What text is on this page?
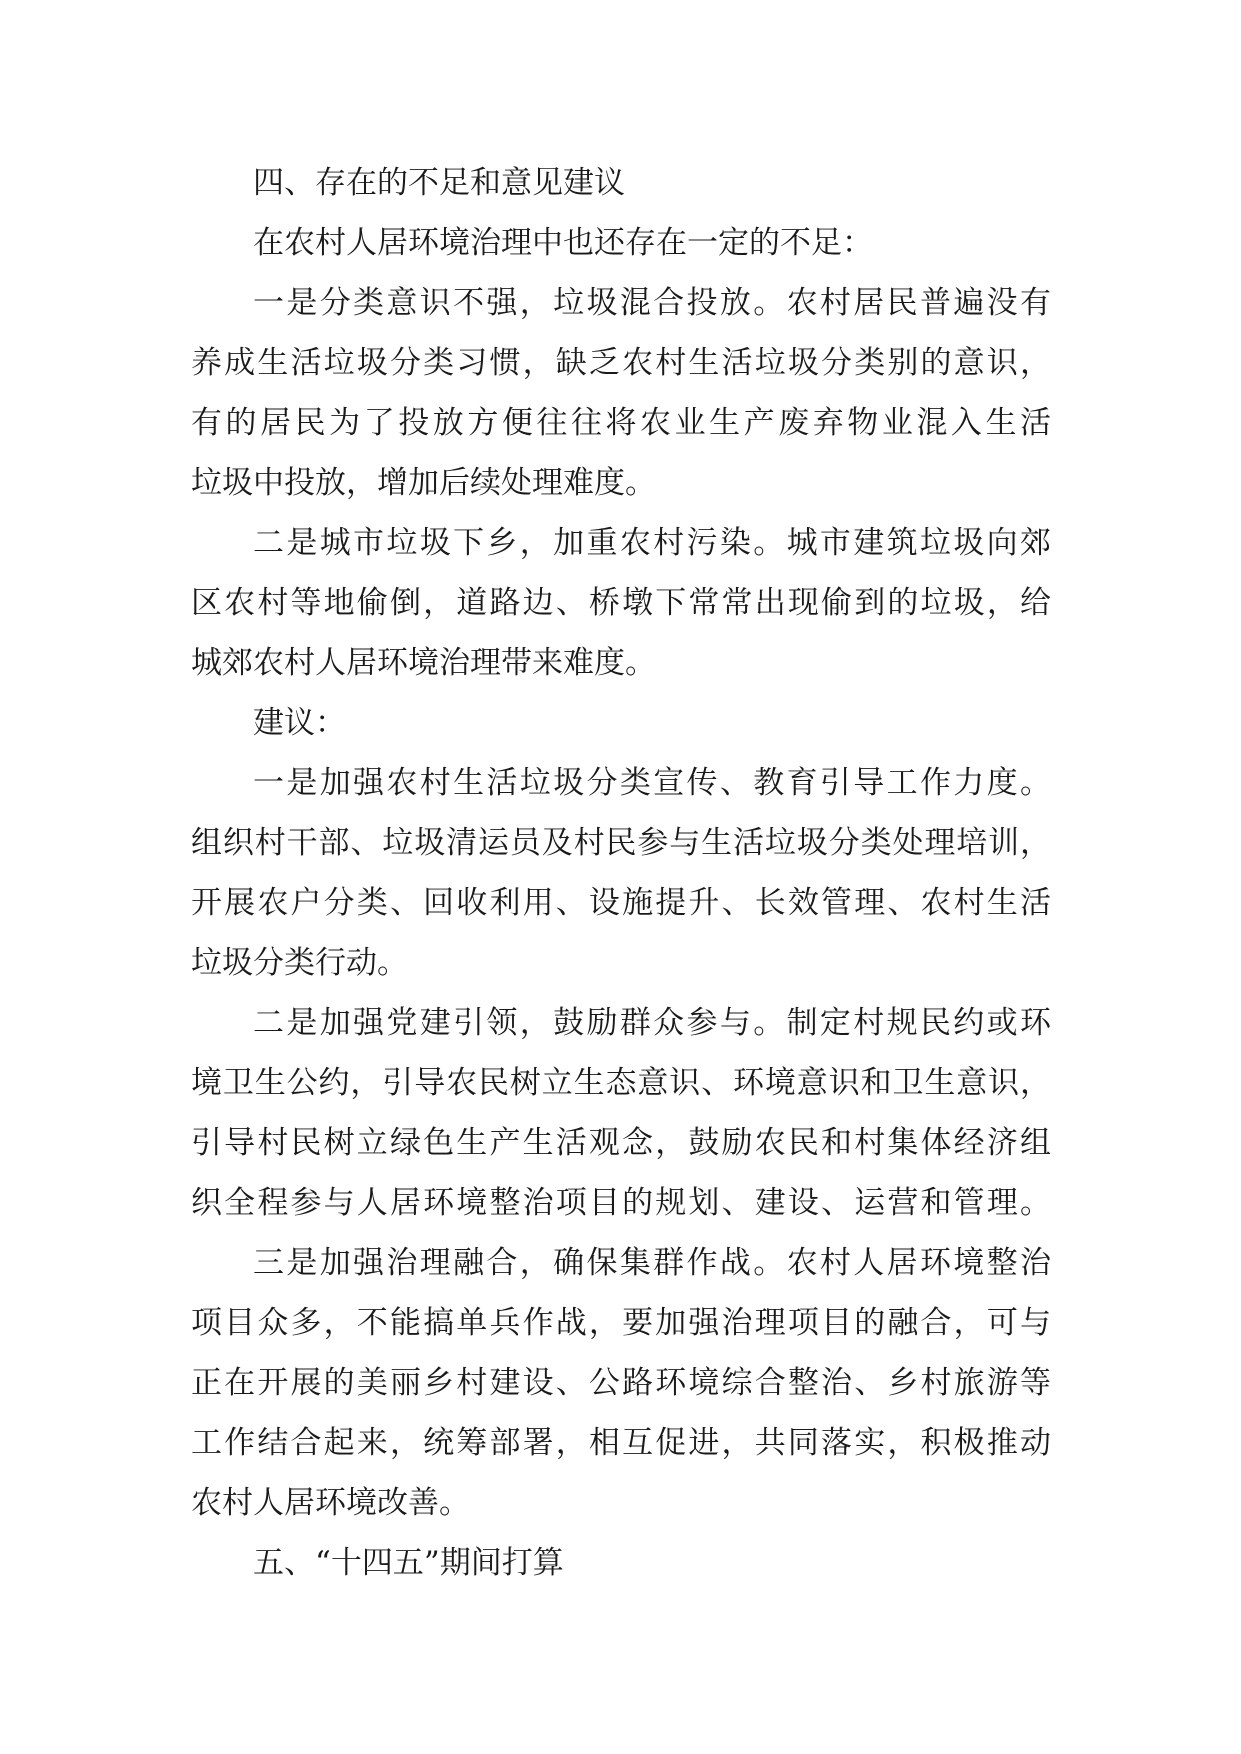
四、存在的不足和意见建议
在农村人居环境治理中也还存在一定的不足：
一是分类意识不强，垃圾混合投放。农村居民普遍没有
养成生活垃圾分类习惯，缺乏农村生活垃圾分类别的意识，
有的居民为了投放方便往往将农业生产废弃物业混入生活
垃圾中投放，增加后续处理难度。
二是城市垃圾下乡，加重农村污染。城市建筑垃圾向郊
区农村等地偷倒，道路边、桥墩下常常出现偷到的垃圾，给
城郊农村人居环境治理带来难度。
建议：
一是加强农村生活垃圾分类宣传、教育引导工作力度。
组织村干部、垃圾清运员及村民参与生活垃圾分类处理培训，
开展农户分类、回收利用、设施提升、长效管理、农村生活
垃圾分类行动。
二是加强党建引领，鼓励群众参与。制定村规民约或环
境卫生公约，引导农民树立生态意识、环境意识和卫生意识，
引导村民树立绿色生产生活观念，鼓励农民和村集体经济组
织全程参与人居环境整治项目的规划、建设、运营和管理。
三是加强治理融合，确保集群作战。农村人居环境整治
项目众多，不能搞单兵作战，要加强治理项目的融合，可与
正在开展的美丽乡村建设、公路环境综合整治、乡村旅游等
工作结合起来，统筹部署，相互促进，共同落实，积极推动
农村人居环境改善。
五、“十四五”期间打算
